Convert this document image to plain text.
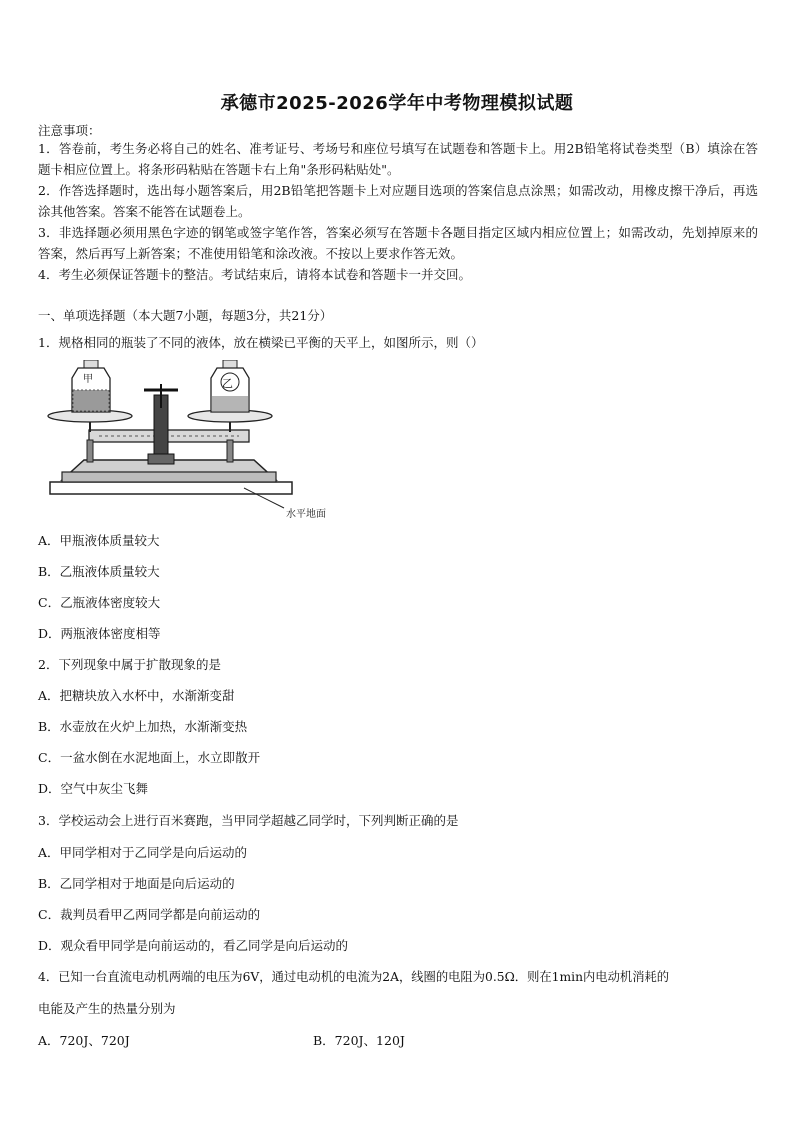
承德市2025-2026学年中考物理模拟试题
注意事项：
1．答卷前，考生务必将自己的姓名、准考证号、考场号和座位号填写在试题卷和答题卡上。用2B铅笔将试卷类型（B）填涂在答题卡相应位置上。将条形码粘贴在答题卡右上角"条形码粘贴处"。
2．作答选择题时，选出每小题答案后，用2B铅笔把答题卡上对应题目选项的答案信息点涂黑；如需改动，用橡皮擦干净后，再选涂其他答案。答案不能答在试题卷上。
3．非选择题必须用黑色字迹的钢笔或签字笔作答，答案必须写在答题卡各题目指定区域内相应位置上；如需改动，先划掉原来的答案，然后再写上新答案；不准使用铅笔和涂改液。不按以上要求作答无效。
4．考生必须保证答题卡的整洁。考试结束后，请将本试卷和答题卡一并交回。
一、单项选择题（本大题7小题，每题3分，共21分）
1．规格相同的瓶装了不同的液体，放在横梁已平衡的天平上，如图所示，则（）
甲	乙
水平地面
A．甲瓶液体质量较大
B．乙瓶液体质量较大
C．乙瓶液体密度较大
D．两瓶液体密度相等
2．下列现象中属于扩散现象的是
A．把糖块放入水杯中，水渐渐变甜
B．水壶放在火炉上加热，水渐渐变热
C．一盆水倒在水泥地面上，水立即散开
D．空气中灰尘飞舞
3．学校运动会上进行百米赛跑，当甲同学超越乙同学时，下列判断正确的是
A．甲同学相对于乙同学是向后运动的
B．乙同学相对于地面是向后运动的
C．裁判员看甲乙两同学都是向前运动的
D．观众看甲同学是向前运动的，看乙同学是向后运动的
4．已知一台直流电动机两端的电压为6V，通过电动机的电流为2A，线圈的电阻为0.5Ω．则在1min内电动机消耗的
电能及产生的热量分别为
A．720J、720J	B．720J、120J
